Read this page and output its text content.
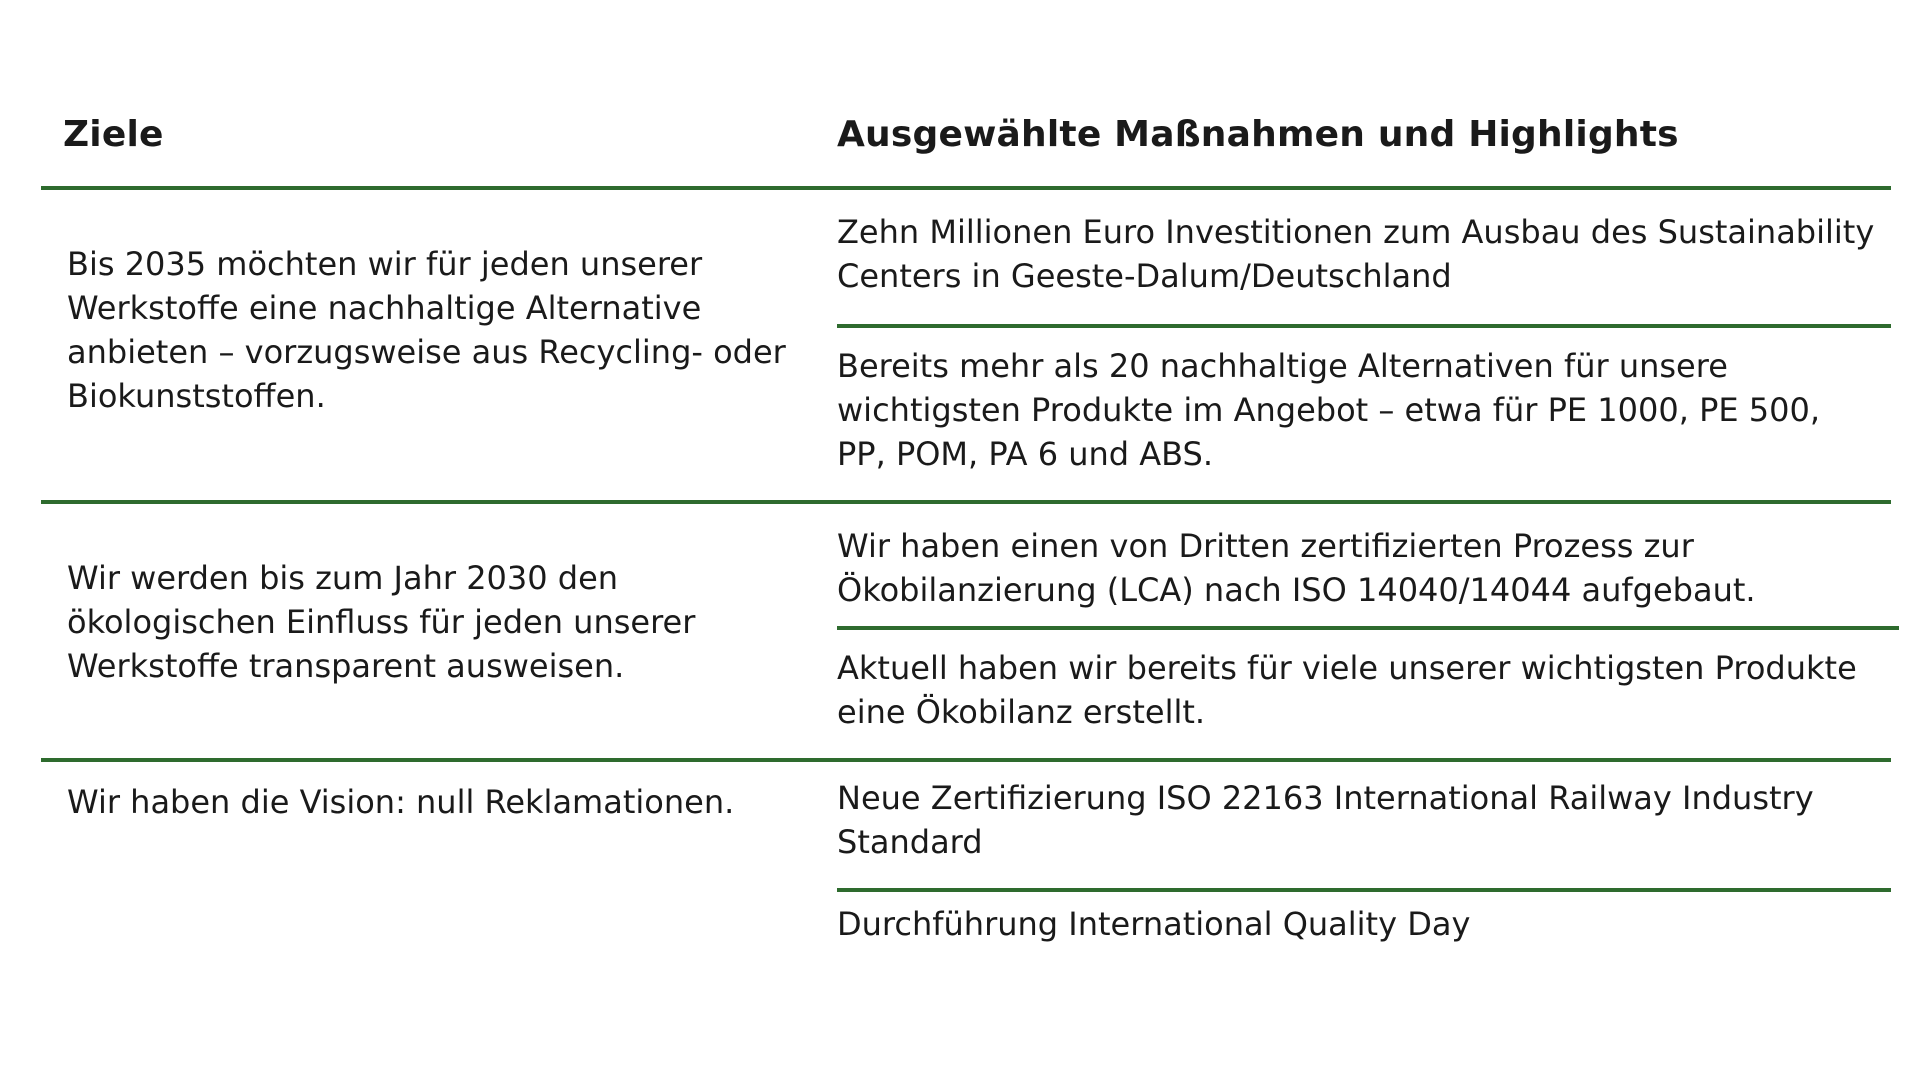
Ziele	Ausgewählte Maßnahmen und Highlights
Bis 2035 möchten wir für jeden unserer Werkstoffe eine nachhaltige Alternative anbieten – vorzugsweise aus Recycling- oder Biokunststoffen.
Zehn Millionen Euro Investitionen zum Ausbau des Sustainability Centers in Geeste-Dalum/Deutschland
Bereits mehr als 20 nachhaltige Alternativen für unsere wichtigsten Produkte im Angebot – etwa für PE 1000, PE 500, PP, POM, PA 6 und ABS.
Wir werden bis zum Jahr 2030 den ökologischen Einfluss für jeden unserer Werkstoffe transparent ausweisen.
Wir haben einen von Dritten zertifizierten Prozess zur Ökobilanzierung (LCA) nach ISO 14040/14044 aufgebaut.
Aktuell haben wir bereits für viele unserer wichtigsten Produkte eine Ökobilanz erstellt.
Wir haben die Vision: null Reklamationen.	Neue Zertifizierung ISO 22163 International Railway Industry Standard
Durchführung International Quality Day
